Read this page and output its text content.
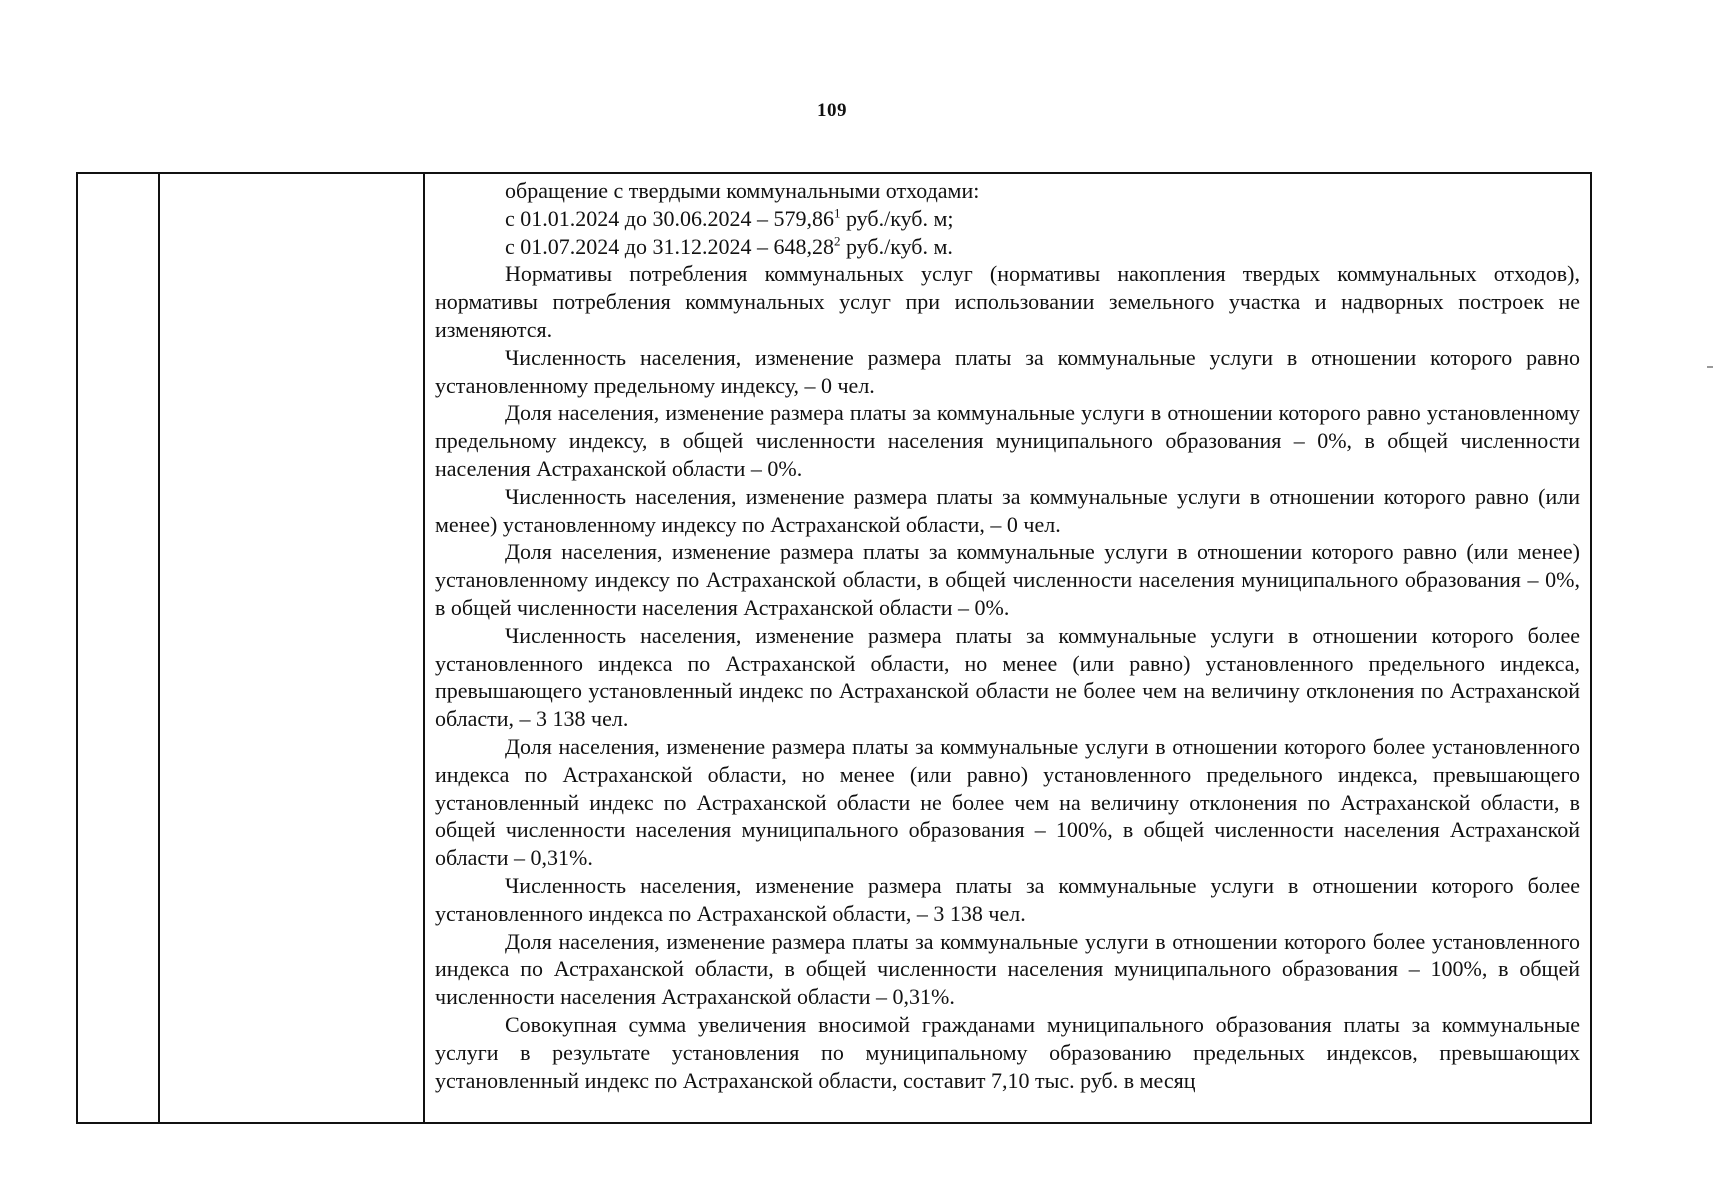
109

обращение с твердыми коммунальными отходами:

с 01.01.2024 до 30.06.2024 – 579,86$^1$ руб./куб. м;

с 01.07.2024 до 31.12.2024 – 648,28$^2$ руб./куб. м.

Нормативы потребления коммунальных услуг (нормативы накопления твердых коммунальных отходов), нормативы потребления коммунальных услуг при использовании земельного участка и надворных построек не изменяются.

Численность населения, изменение размера платы за коммунальные услуги в отношении которого равно установленному предельному индексу, – 0 чел.

Доля населения, изменение размера платы за коммунальные услуги в отношении которого равно установленному предельному индексу, в общей численности населения муниципального образования – 0%, в общей численности населения Астраханской области – 0%.

Численность населения, изменение размера платы за коммунальные услуги в отношении которого равно (или менее) установленному индексу по Астраханской области, – 0 чел.

Доля населения, изменение размера платы за коммунальные услуги в отношении которого равно (или менее) установленному индексу по Астраханской области, в общей численности населения муниципального образования – 0%, в общей численности населения Астраханской области – 0%.

Численность населения, изменение размера платы за коммунальные услуги в отношении которого более установленного индекса по Астраханской области, но менее (или равно) установленного предельного индекса, превышающего установленный индекс по Астраханской области не более чем на величину отклонения по Астраханской области, – 3 138 чел.

Доля населения, изменение размера платы за коммунальные услуги в отношении которого более установленного индекса по Астраханской области, но менее (или равно) установленного предельного индекса, превышающего установленный индекс по Астраханской области не более чем на величину отклонения по Астраханской области, в общей численности населения муниципального образования – 100%, в общей численности населения Астраханской области – 0,31%.

Численность населения, изменение размера платы за коммунальные услуги в отношении которого более установленного индекса по Астраханской области, – 3 138 чел.

Доля населения, изменение размера платы за коммунальные услуги в отношении которого более установленного индекса по Астраханской области, в общей численности населения муниципального образования – 100%, в общей численности населения Астраханской области – 0,31%.

Совокупная сумма увеличения вносимой гражданами муниципального образования платы за коммунальные услуги в результате установления по муниципальному образованию предельных индексов, превышающих установленный индекс по Астраханской области, составит 7,10 тыс. руб. в месяц
